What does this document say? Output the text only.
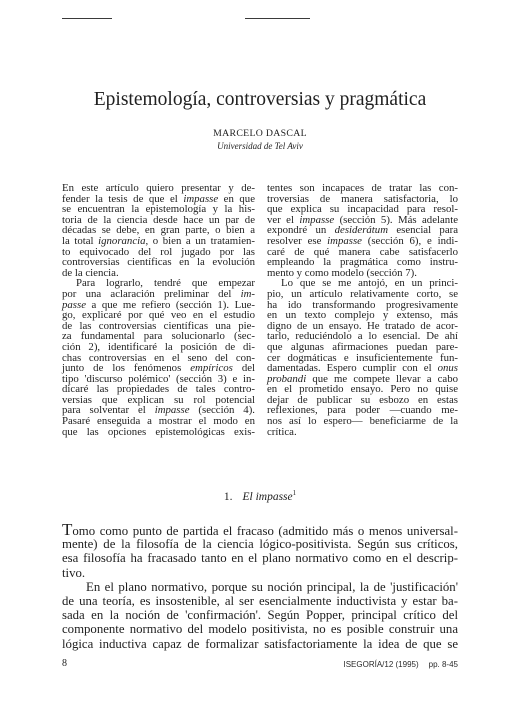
Epistemología, controversias y pragmática
MARCELO DASCAL
Universidad de Tel Aviv
En este artículo quiero presentar y de-
fender la tesis de que el impasse en que
se encuentran la epistemología y la his-
toria de la ciencia desde hace un par de
décadas se debe, en gran parte, o bien a
la total ignorancia, o bien a un tratamien-
to equivocado del rol jugado por las
controversias científicas en la evolución
de la ciencia.
Para lograrlo, tendré que empezar
por una aclaración preliminar del im-
passe a que me refiero (sección 1). Lue-
go, explicaré por qué veo en el estudio
de las controversias científicas una pie-
za fundamental para solucionarlo (sec-
ción 2), identificaré la posición de di-
chas controversias en el seno del con-
junto de los fenómenos empíricos del
tipo 'discurso polémico' (sección 3) e in-
dicaré las propiedades de tales contro-
versias que explican su rol potencial
para solventar el impasse (sección 4).
Pasaré enseguida a mostrar el modo en
que las opciones epistemológicas exis-
tentes son incapaces de tratar las con-
troversias de manera satisfactoria, lo
que explica su incapacidad para resol-
ver el impasse (sección 5). Más adelante
expondré un desiderátum esencial para
resolver ese impasse (sección 6), e indi-
caré de qué manera cabe satisfacerlo
empleando la pragmática como instru-
mento y como modelo (sección 7).
Lo que se me antojó, en un princi-
pio, un artículo relativamente corto, se
ha ido transformando progresivamente
en un texto complejo y extenso, más
digno de un ensayo. He tratado de acor-
tarlo, reduciéndolo a lo esencial. De ahí
que algunas afirmaciones puedan pare-
cer dogmáticas e insuficientemente fun-
damentadas. Espero cumplir con el onus
probandi que me compete llevar a cabo
en el prometido ensayo. Pero no quise
dejar de publicar su esbozo en estas
reflexiones, para poder —cuando me-
nos así lo espero— beneficiarme de la
crítica.
1. El impasse$^1$
Tomo como punto de partida el fracaso (admitido más o menos universal-
mente) de la filosofía de la ciencia lógico-positivista. Según sus críticos,
esa filosofía ha fracasado tanto en el plano normativo como en el descrip-
tivo.
En el plano normativo, porque su noción principal, la de 'justificación'
de una teoría, es insostenible, al ser esencialmente inductivista y estar ba-
sada en la noción de 'confirmación'. Según Popper, principal crítico del
componente normativo del modelo positivista, no es posible construir una
lógica inductiva capaz de formalizar satisfactoriamente la idea de que se
8	ISEGORÍA/12 (1995) pp. 8-45
